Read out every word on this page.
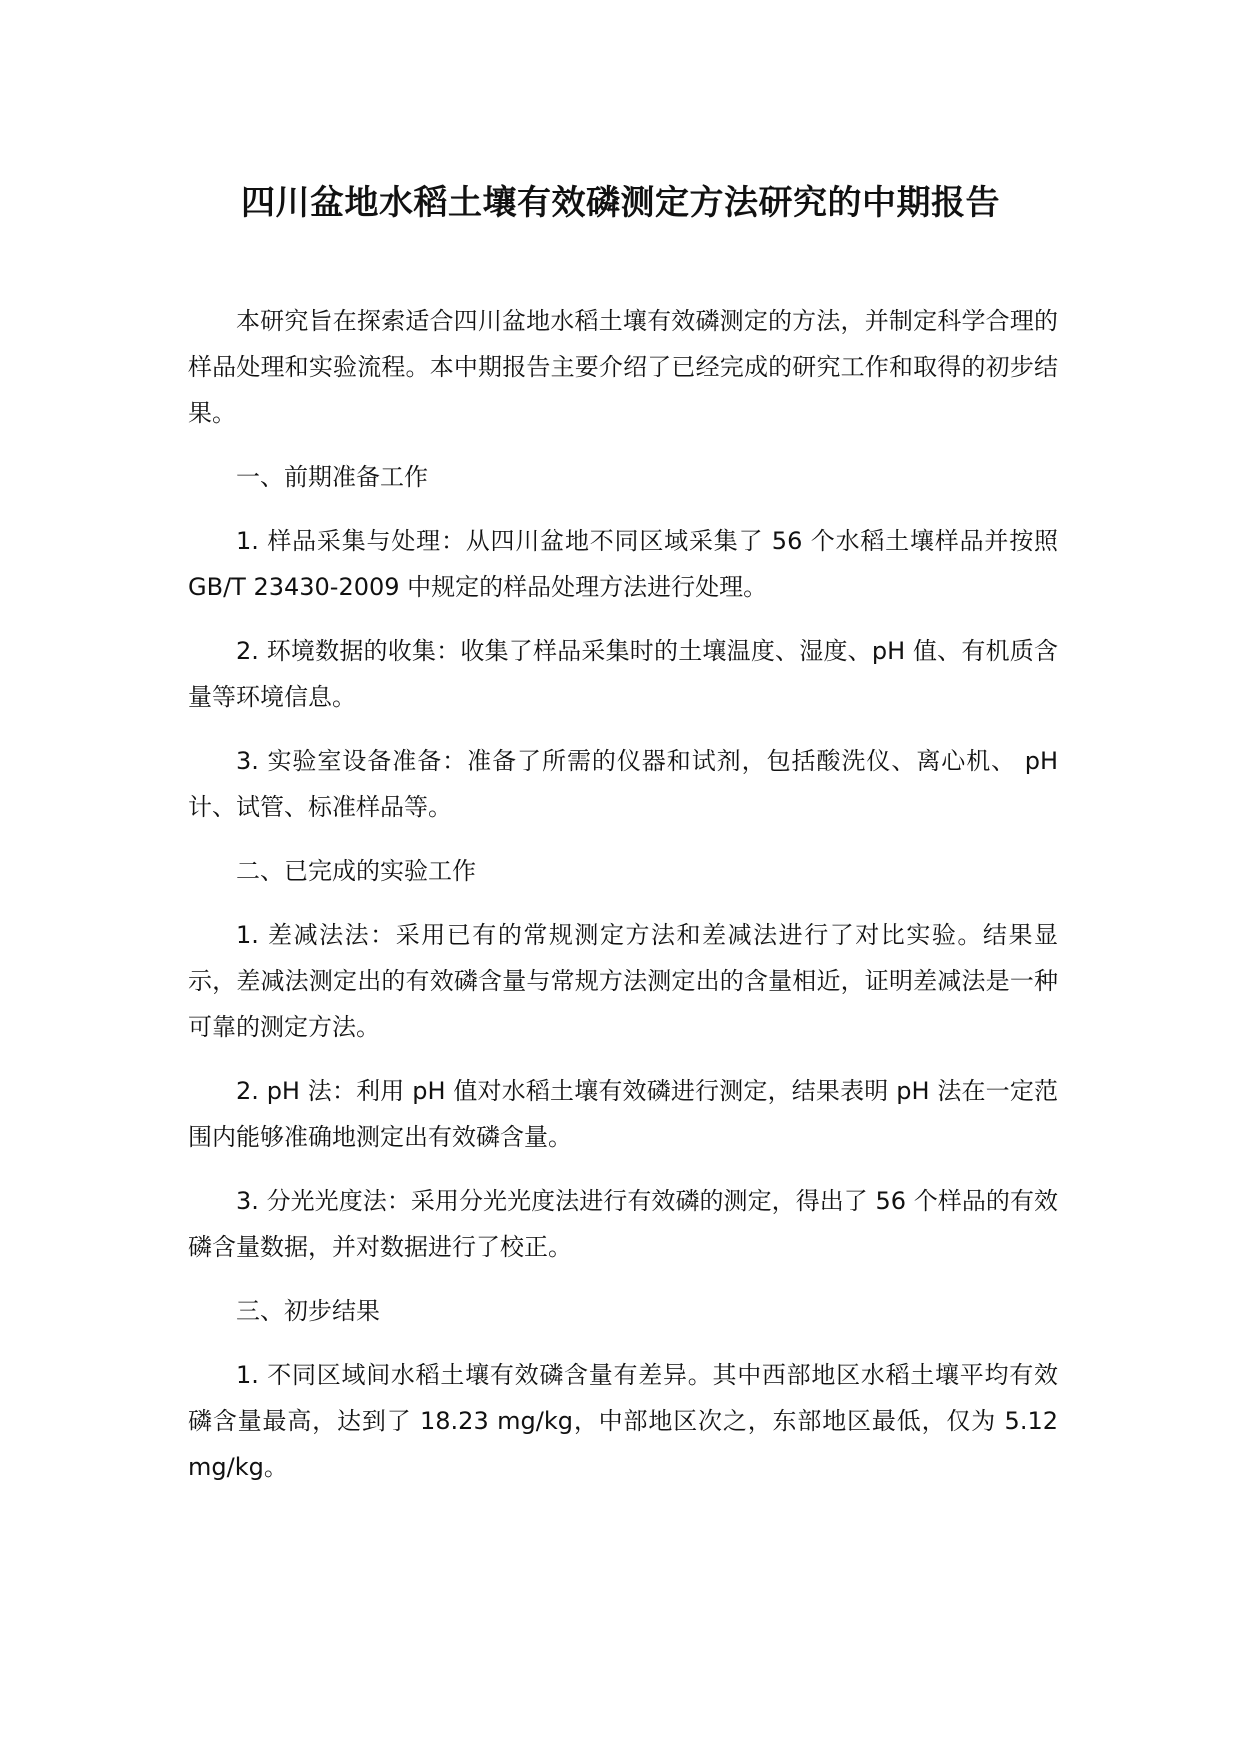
四川盆地水稻土壤有效磷测定方法研究的中期报告

本研究旨在探索适合四川盆地水稻土壤有效磷测定的方法，并制定科学合理的样品处理和实验流程。本中期报告主要介绍了已经完成的研究工作和取得的初步结果。

一、前期准备工作

1. 样品采集与处理：从四川盆地不同区域采集了 56 个水稻土壤样品并按照 GB/T 23430-2009 中规定的样品处理方法进行处理。

2. 环境数据的收集：收集了样品采集时的土壤温度、湿度、pH 值、有机质含量等环境信息。

3. 实验室设备准备：准备了所需的仪器和试剂，包括酸洗仪、离心机、 pH 计、试管、标准样品等。

二、已完成的实验工作

1. 差减法法：采用已有的常规测定方法和差减法进行了对比实验。结果显示，差减法测定出的有效磷含量与常规方法测定出的含量相近，证明差减法是一种可靠的测定方法。

2. pH 法：利用 pH 值对水稻土壤有效磷进行测定，结果表明 pH 法在一定范围内能够准确地测定出有效磷含量。

3. 分光光度法：采用分光光度法进行有效磷的测定，得出了 56 个样品的有效磷含量数据，并对数据进行了校正。

三、初步结果

1. 不同区域间水稻土壤有效磷含量有差异。其中西部地区水稻土壤平均有效磷含量最高，达到了 18.23 mg/kg，中部地区次之，东部地区最低，仅为 5.12 mg/kg。
